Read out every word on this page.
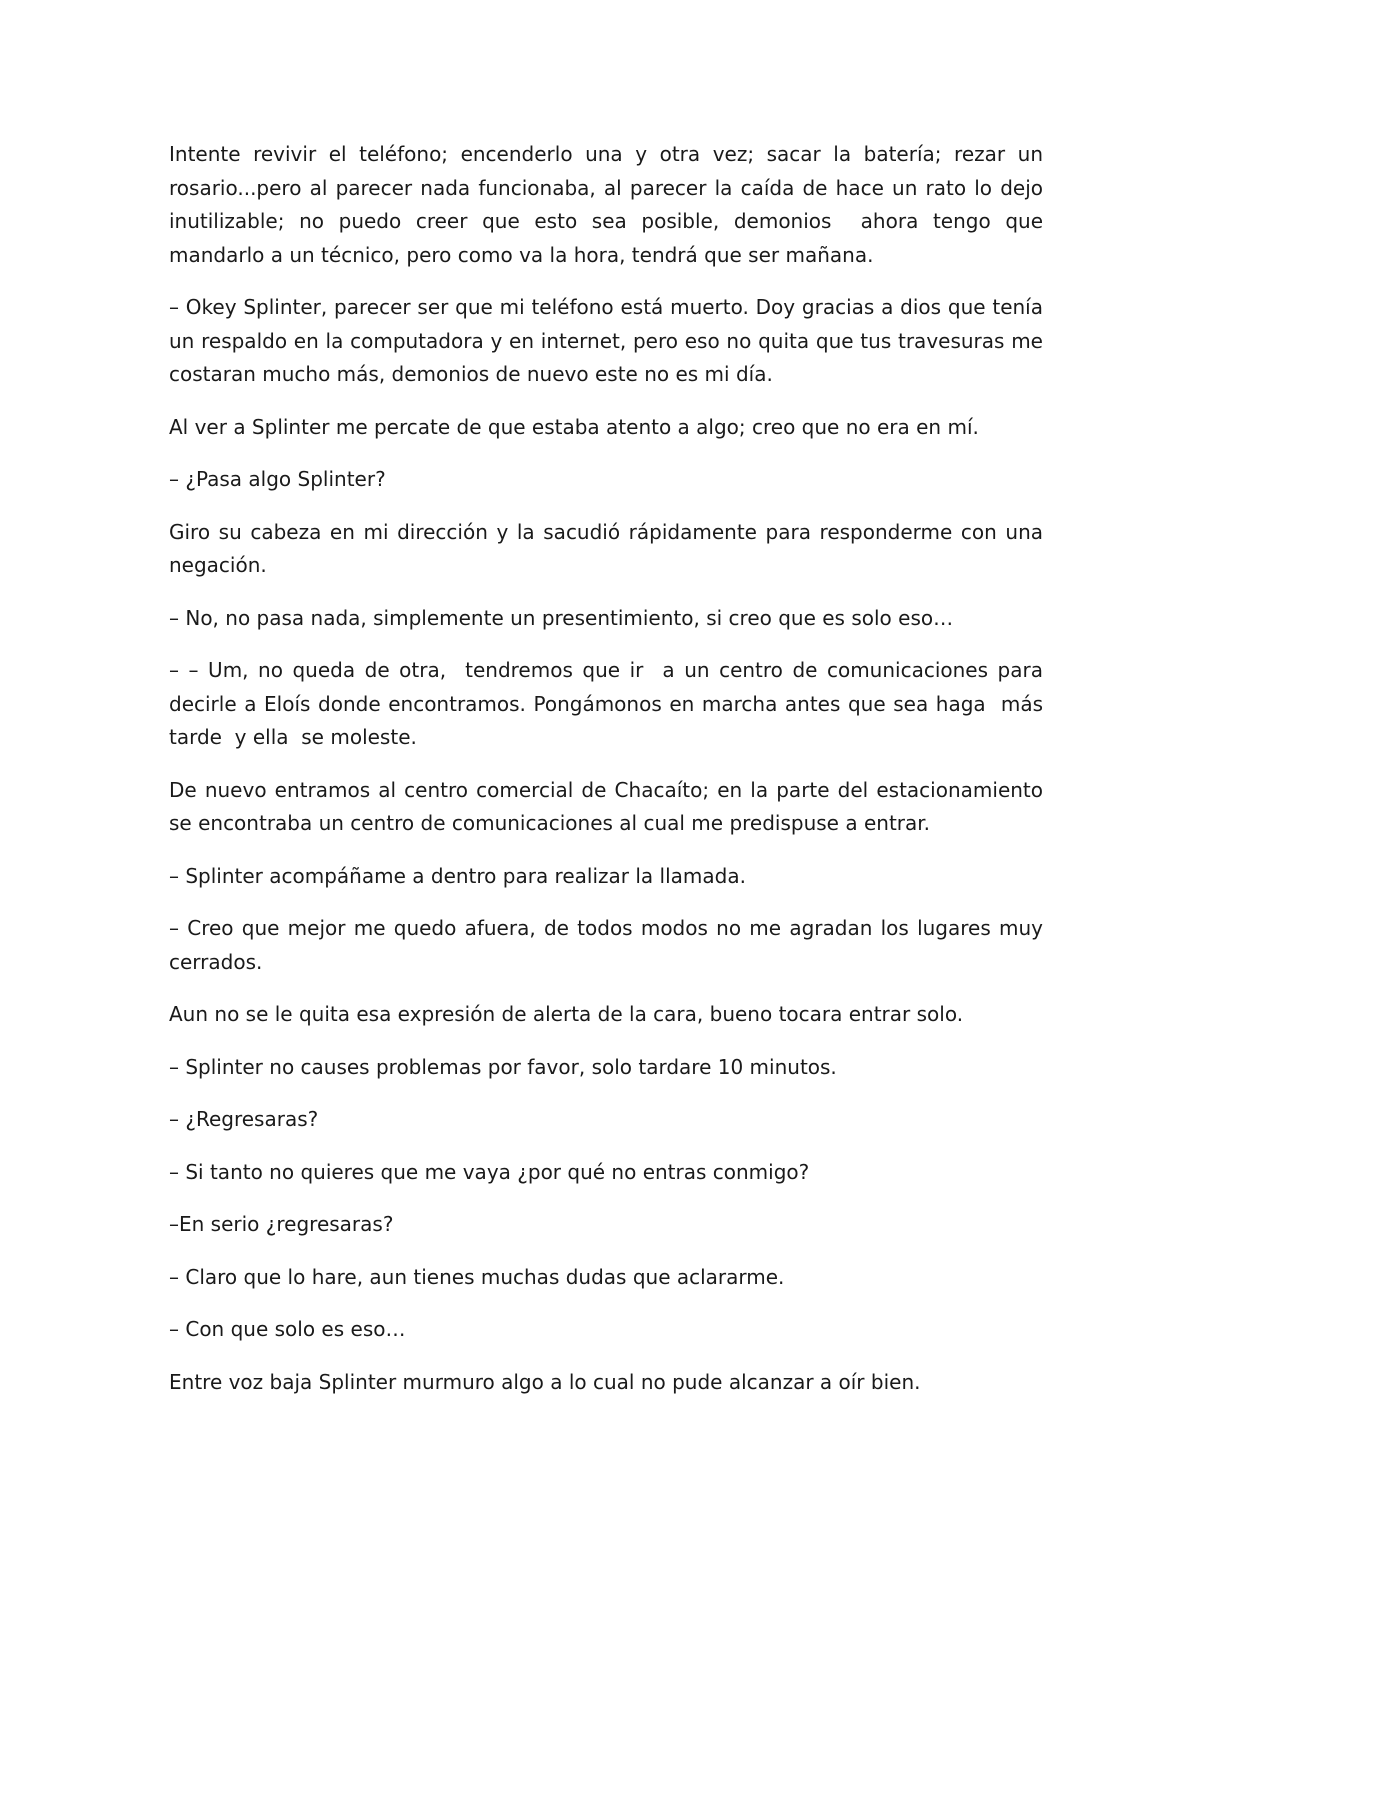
Intente revivir el teléfono; encenderlo una y otra vez; sacar la batería; rezar un rosario...pero al parecer nada funcionaba, al parecer la caída de hace un rato lo dejo inutilizable; no puedo creer que esto sea posible, demonios  ahora tengo que mandarlo a un técnico, pero como va la hora, tendrá que ser mañana.

– Okey Splinter, parecer ser que mi teléfono está muerto. Doy gracias a dios que tenía un respaldo en la computadora y en internet, pero eso no quita que tus travesuras me costaran mucho más, demonios de nuevo este no es mi día.

Al ver a Splinter me percate de que estaba atento a algo; creo que no era en mí.

– ¿Pasa algo Splinter?

Giro su cabeza en mi dirección y la sacudió rápidamente para responderme con una negación.

– No, no pasa nada, simplemente un presentimiento, si creo que es solo eso…

– – Um, no queda de otra,  tendremos que ir  a un centro de comunicaciones para decirle a Eloís donde encontramos. Pongámonos en marcha antes que sea haga  más tarde  y ella  se moleste.

De nuevo entramos al centro comercial de Chacaíto; en la parte del estacionamiento se encontraba un centro de comunicaciones al cual me predispuse a entrar.

– Splinter acompáñame a dentro para realizar la llamada.

– Creo que mejor me quedo afuera, de todos modos no me agradan los lugares muy cerrados.

Aun no se le quita esa expresión de alerta de la cara, bueno tocara entrar solo.

– Splinter no causes problemas por favor, solo tardare 10 minutos.

– ¿Regresaras?

– Si tanto no quieres que me vaya ¿por qué no entras conmigo?

–En serio ¿regresaras?

– Claro que lo hare, aun tienes muchas dudas que aclararme.

– Con que solo es eso…

Entre voz baja Splinter murmuro algo a lo cual no pude alcanzar a oír bien.
